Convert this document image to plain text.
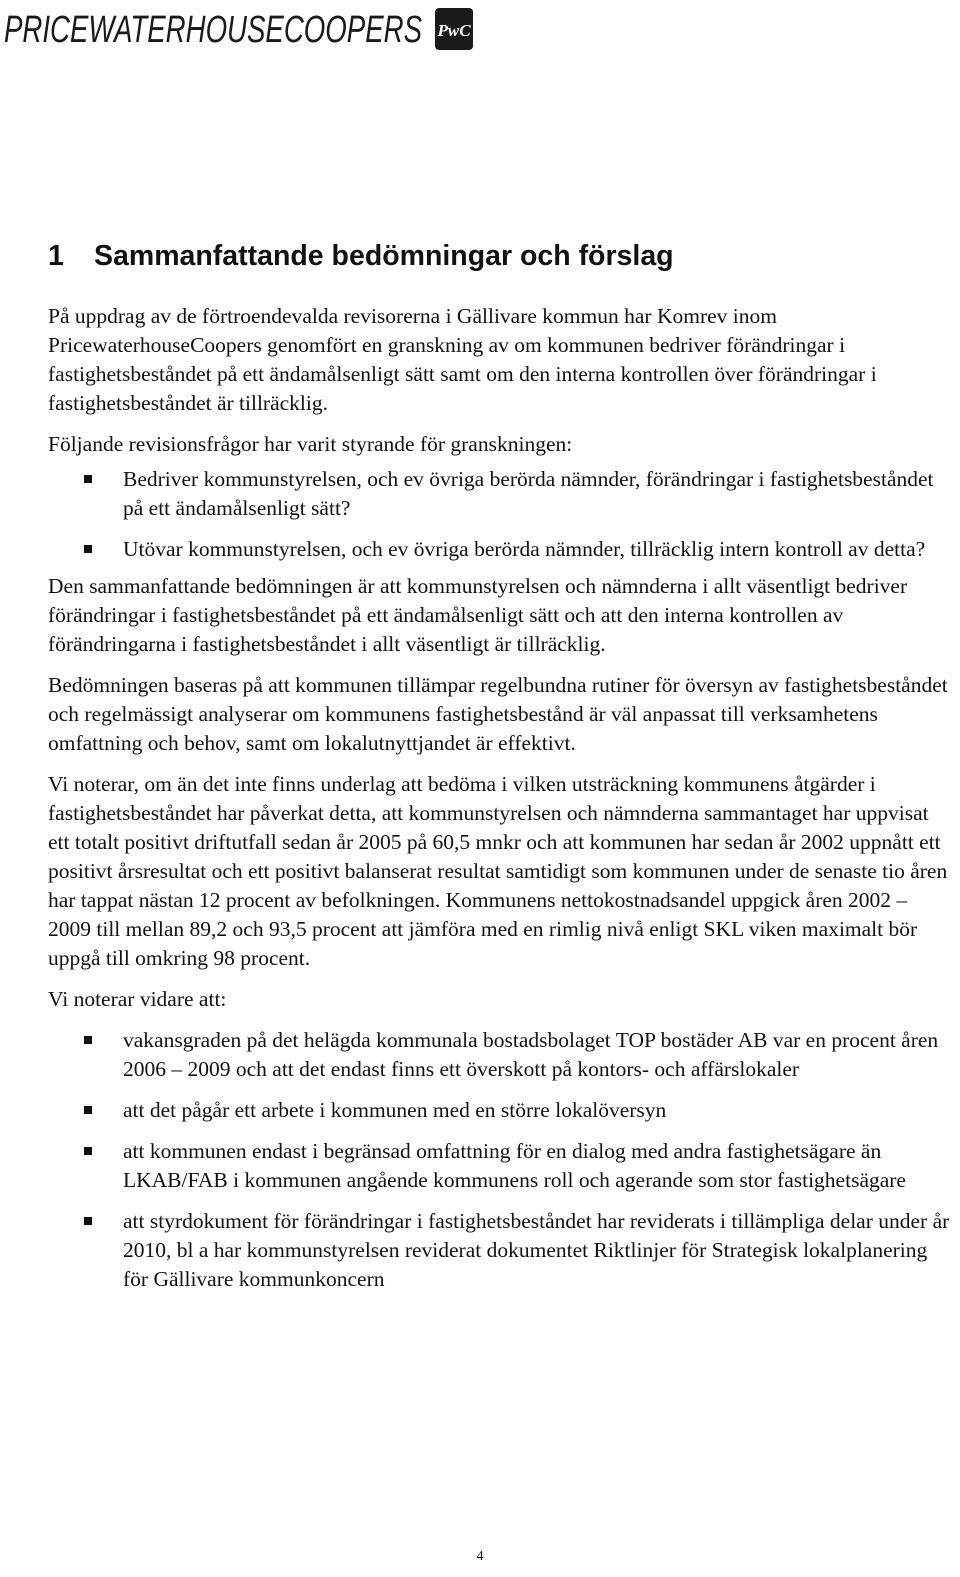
PRICEWATERHOUSECOOPERS PwC
1 Sammanfattande bedömningar och förslag

På uppdrag av de förtroendevalda revisorerna i Gällivare kommun har Komrev inom PricewaterhouseCoopers genomfört en granskning av om kommunen bedriver förändringar i fastighetsbeståndet på ett ändamålsenligt sätt samt om den interna kontrollen över förändringar i fastighetsbeståndet är tillräcklig.

Följande revisionsfrågor har varit styrande för granskningen:

Bedriver kommunstyrelsen, och ev övriga berörda nämnder, förändringar i fastighetsbeståndet på ett ändamålsenligt sätt?
Utövar kommunstyrelsen, och ev övriga berörda nämnder, tillräcklig intern kontroll av detta?

Den sammanfattande bedömningen är att kommunstyrelsen och nämnderna i allt väsentligt bedriver förändringar i fastighetsbeståndet på ett ändamålsenligt sätt och att den interna kontrollen av förändringarna i fastighetsbeståndet i allt väsentligt är tillräcklig.

Bedömningen baseras på att kommunen tillämpar regelbundna rutiner för översyn av fastighetsbeståndet och regelmässigt analyserar om kommunens fastighetsbestånd är väl anpassat till verksamhetens omfattning och behov, samt om lokalutnyttjandet är effektivt.

Vi noterar, om än det inte finns underlag att bedöma i vilken utsträckning kommunens åtgärder i fastighetsbeståndet har påverkat detta, att kommunstyrelsen och nämnderna sammantaget har uppvisat ett totalt positivt driftutfall sedan år 2005 på 60,5 mnkr och att kommunen har sedan år 2002 uppnått ett positivt årsresultat och ett positivt balanserat resultat samtidigt som kommunen under de senaste tio åren har tappat nästan 12 procent av befolkningen. Kommunens nettokostnadsandel uppgick åren 2002 – 2009 till mellan 89,2 och 93,5 procent att jämföra med en rimlig nivå enligt SKL viken maximalt bör uppgå till omkring 98 procent.

Vi noterar vidare att:

vakansgraden på det helägda kommunala bostadsbolaget TOP bostäder AB var en procent åren 2006 – 2009 och att det endast finns ett överskott på kontors- och affärslokaler
att det pågår ett arbete i kommunen med en större lokalöversyn
att kommunen endast i begränsad omfattning för en dialog med andra fastighetsägare än LKAB/FAB i kommunen angående kommunens roll och agerande som stor fastighetsägare
att styrdokument för förändringar i fastighetsbeståndet har reviderats i tillämpliga delar under år 2010, bl a har kommunstyrelsen reviderat dokumentet Riktlinjer för Strategisk lokalplanering för Gällivare kommunkoncern
4
